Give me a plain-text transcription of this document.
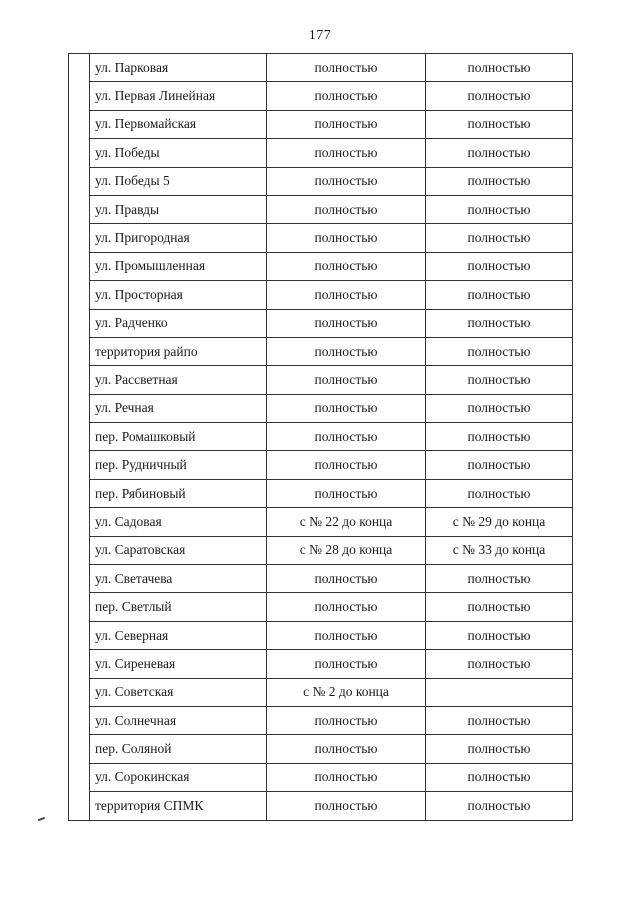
177
	ул. Парковая	полностью	полностью
	ул. Первая Линейная	полностью	полностью
	ул. Первомайская	полностью	полностью
	ул. Победы	полностью	полностью
	ул. Победы 5	полностью	полностью
	ул. Правды	полностью	полностью
	ул. Пригородная	полностью	полностью
	ул. Промышленная	полностью	полностью
	ул. Просторная	полностью	полностью
	ул. Радченко	полностью	полностью
	территория райпо	полностью	полностью
	ул. Рассветная	полностью	полностью
	ул. Речная	полностью	полностью
	пер. Ромашковый	полностью	полностью
	пер. Рудничный	полностью	полностью
	пер. Рябиновый	полностью	полностью
	ул. Садовая	с № 22 до конца	с № 29 до конца
	ул. Саратовская	с № 28 до конца	с № 33 до конца
	ул. Светачева	полностью	полностью
	пер. Светлый	полностью	полностью
	ул. Северная	полностью	полностью
	ул. Сиреневая	полностью	полностью
	ул. Советская	с № 2 до конца	
	ул. Солнечная	полностью	полностью
	пер. Соляной	полностью	полностью
	ул. Сорокинская	полностью	полностью
	территория СПМК	полностью	полностью
